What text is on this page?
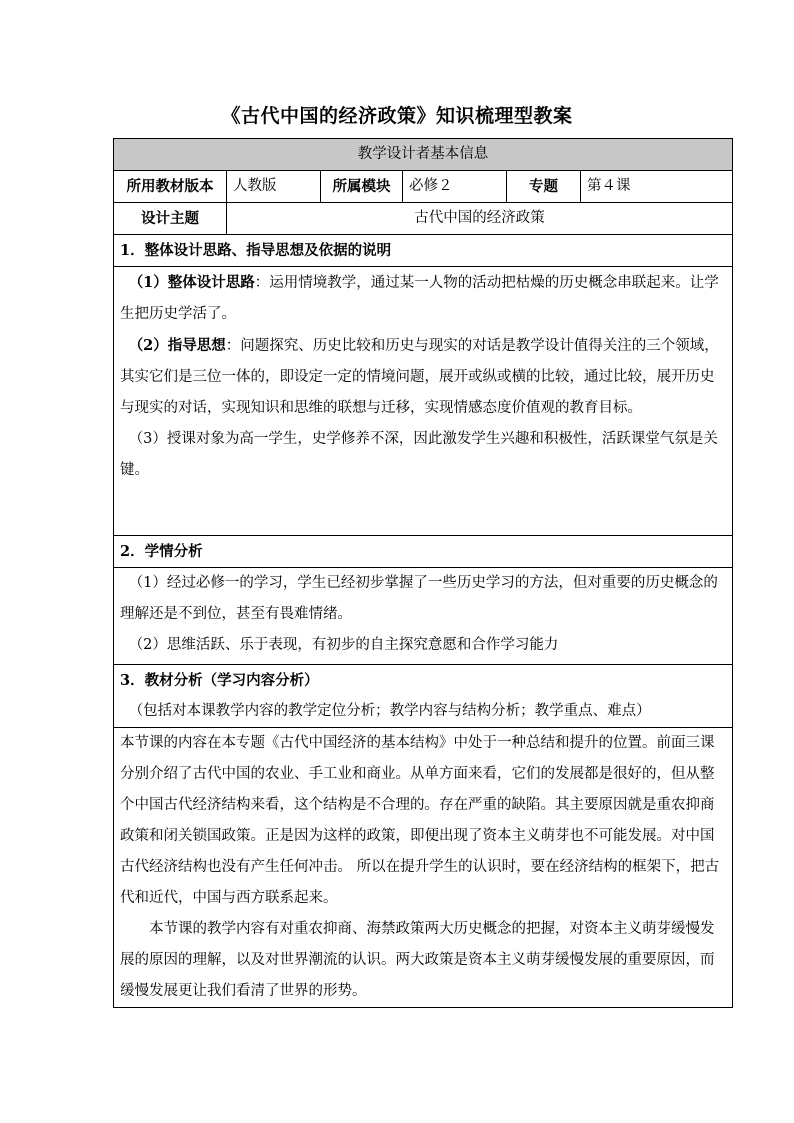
《古代中国的经济政策》知识梳理型教案
教学设计者基本信息					
所用教材版本	人教版	所属模块	必修２	专题	第４课
设计主题	古代中国的经济政策				
1．整体设计思路、指导思想及依据的说明					

（1）整体设计思路：运用情境教学，通过某一人物的活动把枯燥的历史概念串联起来。让学生把历史学活了。

（2）指导思想：问题探究、历史比较和历史与现实的对话是教学设计值得关注的三个领域，其实它们是三位一体的，即设定一定的情境问题，展开或纵或横的比较，通过比较，展开历史与现实的对话，实现知识和思维的联想与迁移，实现情感态度价值观的教育目标。

（3）授课对象为高一学生，史学修养不深，因此激发学生兴趣和积极性，活跃课堂气氛是关键。					

2．学情分析					

（1）经过必修一的学习，学生已经初步掌握了一些历史学习的方法，但对重要的历史概念的理解还是不到位，甚至有畏难情绪。

（2）思维活跃、乐于表现，有初步的自主探究意愿和合作学习能力					

3．教材分析（学习内容分析）

（包括对本课教学内容的教学定位分析；教学内容与结构分析；教学重点、难点）					

本节课的内容在本专题《古代中国经济的基本结构》中处于一种总结和提升的位置。前面三课分别介绍了古代中国的农业、手工业和商业。从单方面来看，它们的发展都是很好的，但从整个中国古代经济结构来看，这个结构是不合理的。存在严重的缺陷。其主要原因就是重农抑商政策和闭关锁国政策。正是因为这样的政策，即便出现了资本主义萌芽也不可能发展。对中国古代经济结构也没有产生任何冲击。 所以在提升学生的认识时，要在经济结构的框架下，把古代和近代，中国与西方联系起来。

本节课的教学内容有对重农抑商、海禁政策两大历史概念的把握，对资本主义萌芽缓慢发展的原因的理解，以及对世界潮流的认识。两大政策是资本主义萌芽缓慢发展的重要原因，而缓慢发展更让我们看清了世界的形势。					
